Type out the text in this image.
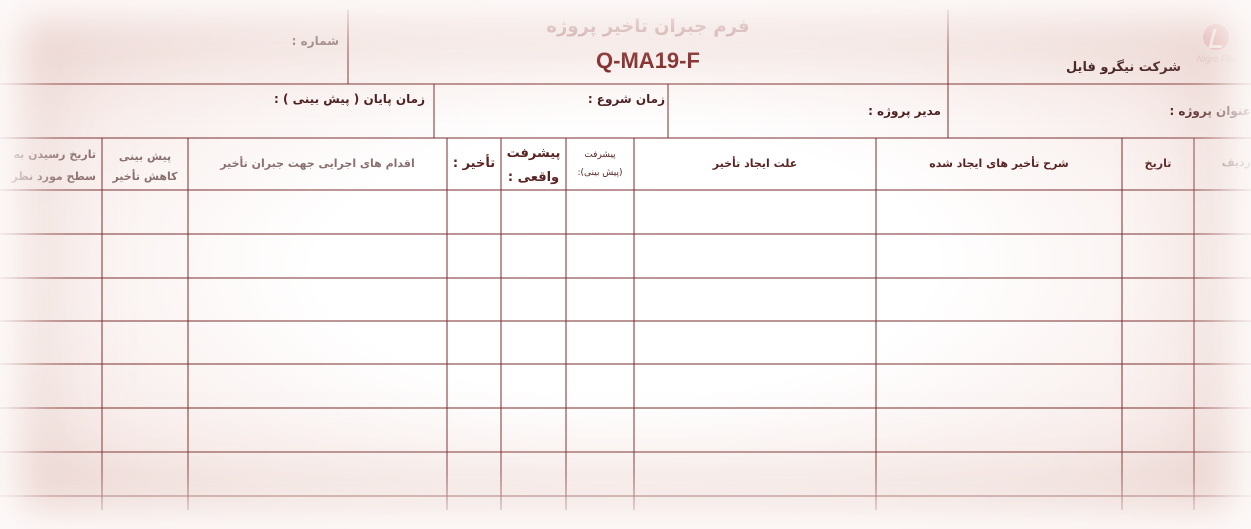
فرم جبران تاخیر پروژه
Q-MA19-F
شماره :
Nigro File
شرکت نیگرو فایل
عنوان پروژه :
مدیر پروژه :
زمان شروع :
زمان پایان ( پیش بینی ) :
ردیف
تاریخ
شرح تأخیر های ایجاد شده
علت ایجاد تأخیر
پیشرفت
(پیش بینی):
پیشرفت
واقعی :
تأخیر :
اقدام های اجرایی جهت جبران تأخیر
پیش بینی
کاهش تأخیر
تاریخ رسیدن به
سطح مورد نظر
